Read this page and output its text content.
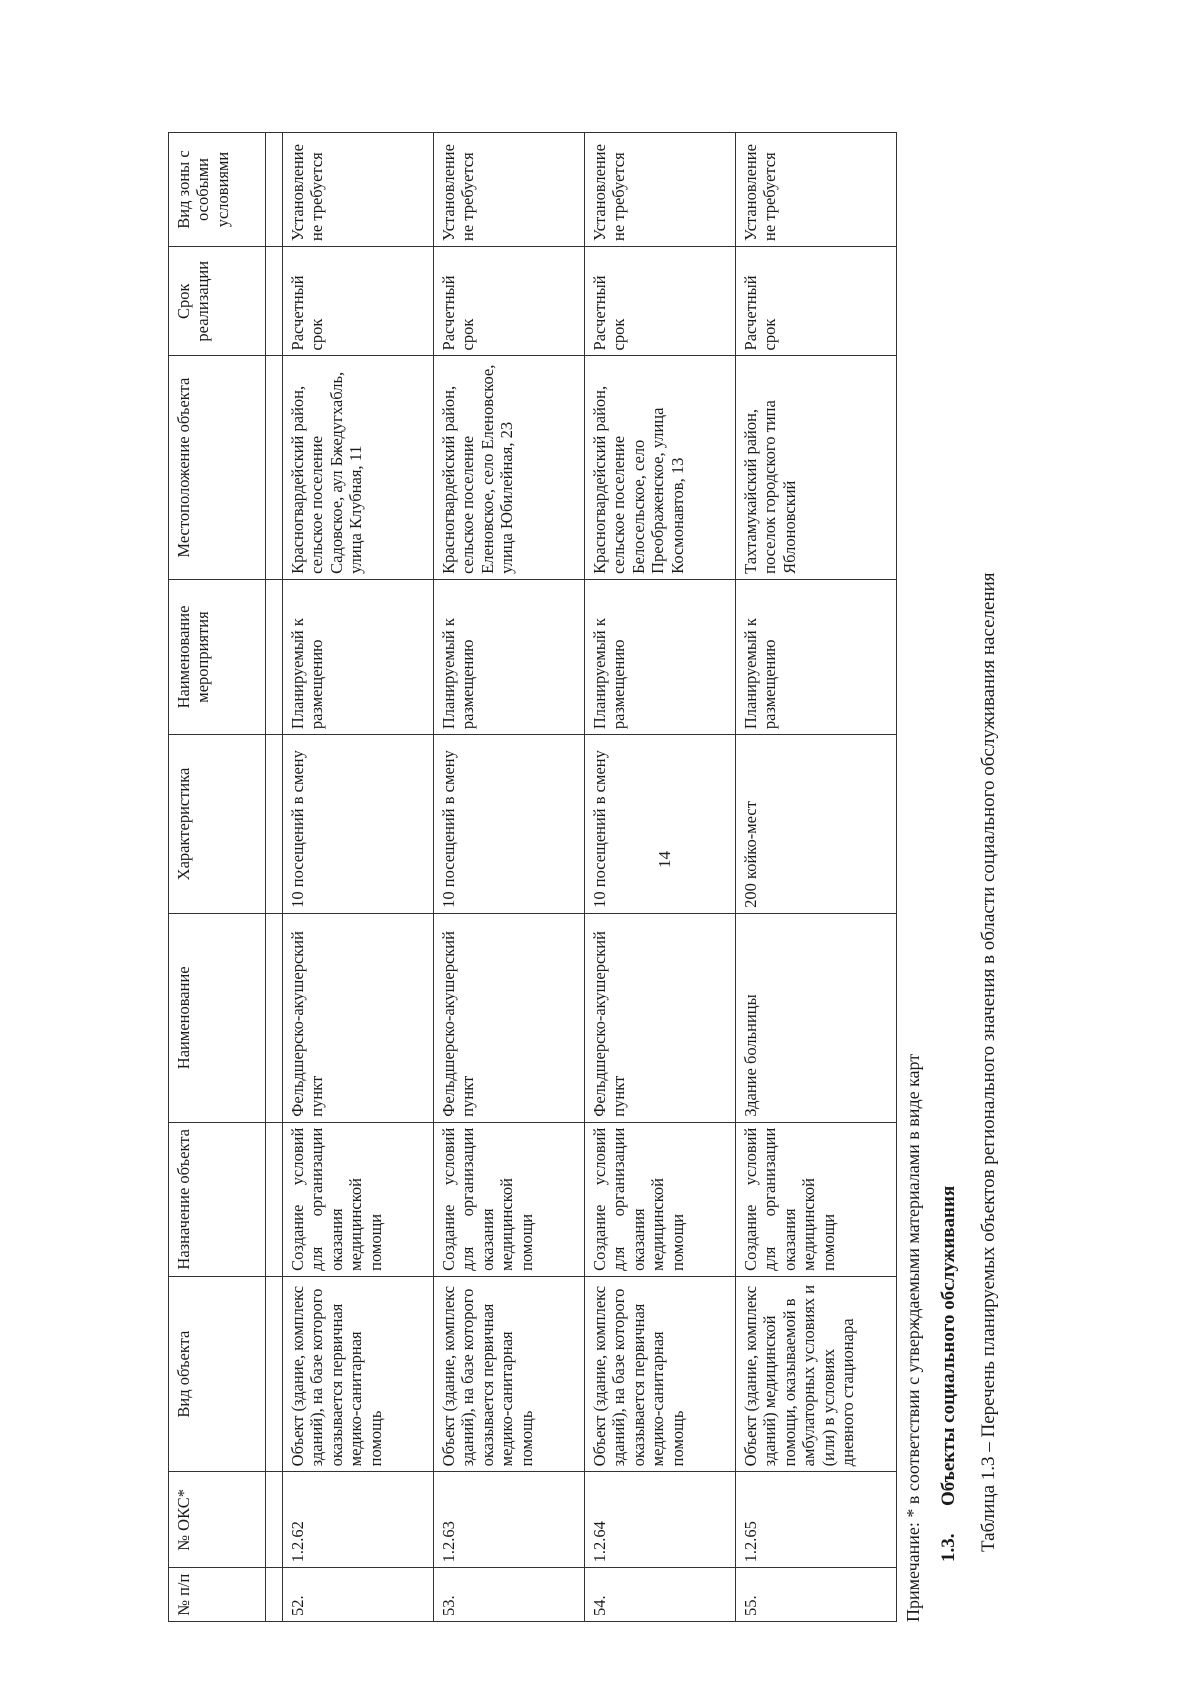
14
№ п/п	№ ОКС*	Вид объекта	Назначение объекта	Наименование	Характеристика	Наименование мероприятия	Местоположение объекта	Срок реализации	Вид зоны с особыми условиями

52.	1.2.62	Объект (здание, комплекс зданий), на базе которого оказывается первичная медико-санитарная помощь	Создание условий для организации оказания медицинской помощи	Фельдшерско-акушерский пункт	10 посещений в смену	Планируемый к размещению	Красногвардейский район, сельское поселение Садовское, аул Бжедугхабль, улица Клубная, 11	Расчетный срок	Установление не требуется
53.	1.2.63	Объект (здание, комплекс зданий), на базе которого оказывается первичная медико-санитарная помощь	Создание условий для организации оказания медицинской помощи	Фельдшерско-акушерский пункт	10 посещений в смену	Планируемый к размещению	Красногвардейский район, сельское поселение Еленовское, село Еленовское, улица Юбилейная, 23	Расчетный срок	Установление не требуется
54.	1.2.64	Объект (здание, комплекс зданий), на базе которого оказывается первичная медико-санитарная помощь	Создание условий для организации оказания медицинской помощи	Фельдшерско-акушерский пункт	10 посещений в смену	Планируемый к размещению	Красногвардейский район, сельское поселение Белосельское, село Преображенское, улица Космонавтов, 13	Расчетный срок	Установление не требуется
55.	1.2.65	Объект (здание, комплекс зданий) медицинской помощи, оказываемой в амбулаторных условиях и (или) в условиях дневного стационара	Создание условий для организации оказания медицинской помощи	Здание больницы	200 койко-мест	Планируемый к размещению	Тахтамукайский район, поселок городского типа Яблоновский	Расчетный срок	Установление не требуется
Примечание: * в соответствии с утверждаемыми материалами в виде карт 1.3.Объекты социального обслуживания Таблица 1.3 – Перечень планируемых объектов регионального значения в области социального обслуживания населения
